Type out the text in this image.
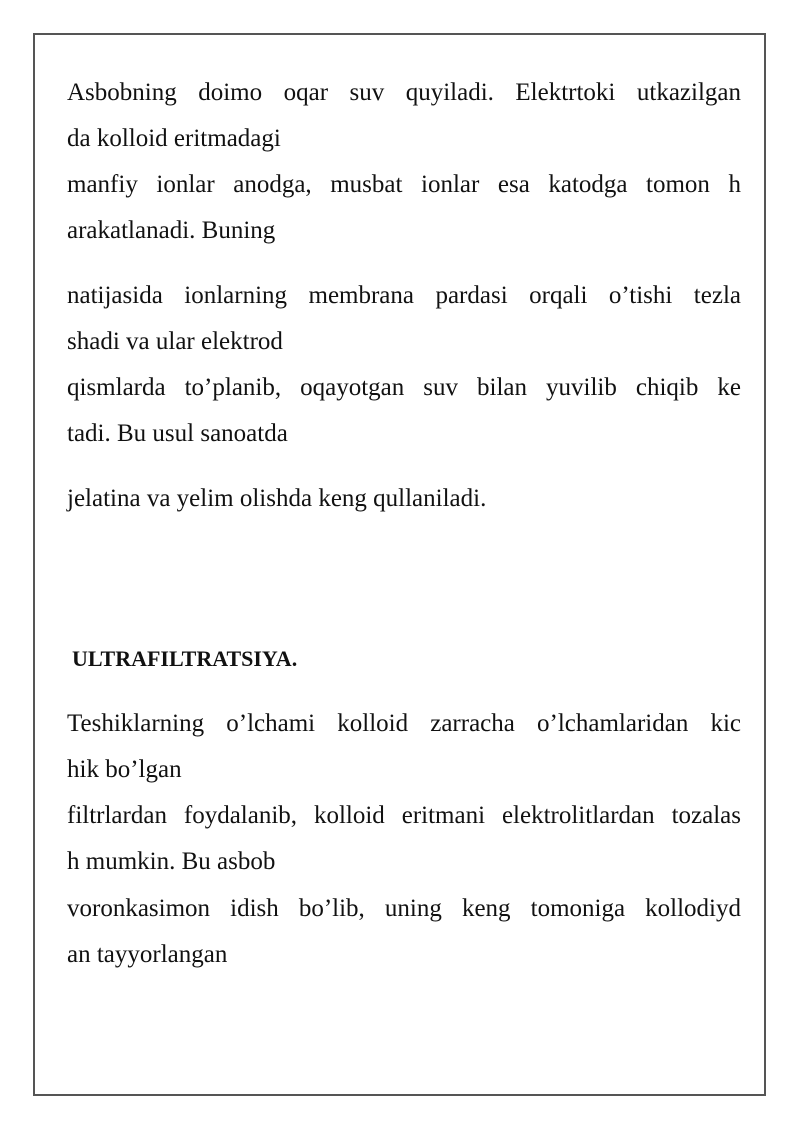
Asbobning doimo oqar suv quyiladi. Elektrtoki utkazilgan
da kolloid eritmadagi
manfiy ionlar anodga, musbat ionlar esa katodga tomon h
arakatlanadi. Buning
natijasida ionlarning membrana pardasi orqali o’tishi tezla
shadi va ular elektrod
qismlarda to’planib, oqayotgan suv bilan yuvilib chiqib ke
tadi. Bu usul sanoatda
jelatina va yelim olishda keng qullaniladi.
ULTRAFILTRATSIYA.
Teshiklarning o’lchami kolloid zarracha o’lchamlaridan kic
hik bo’lgan
filtrlardan foydalanib, kolloid eritmani elektrolitlardan tozalas
h mumkin. Bu asbob
voronkasimon idish bo’lib, uning keng tomoniga kollodiyd
an tayyorlangan
